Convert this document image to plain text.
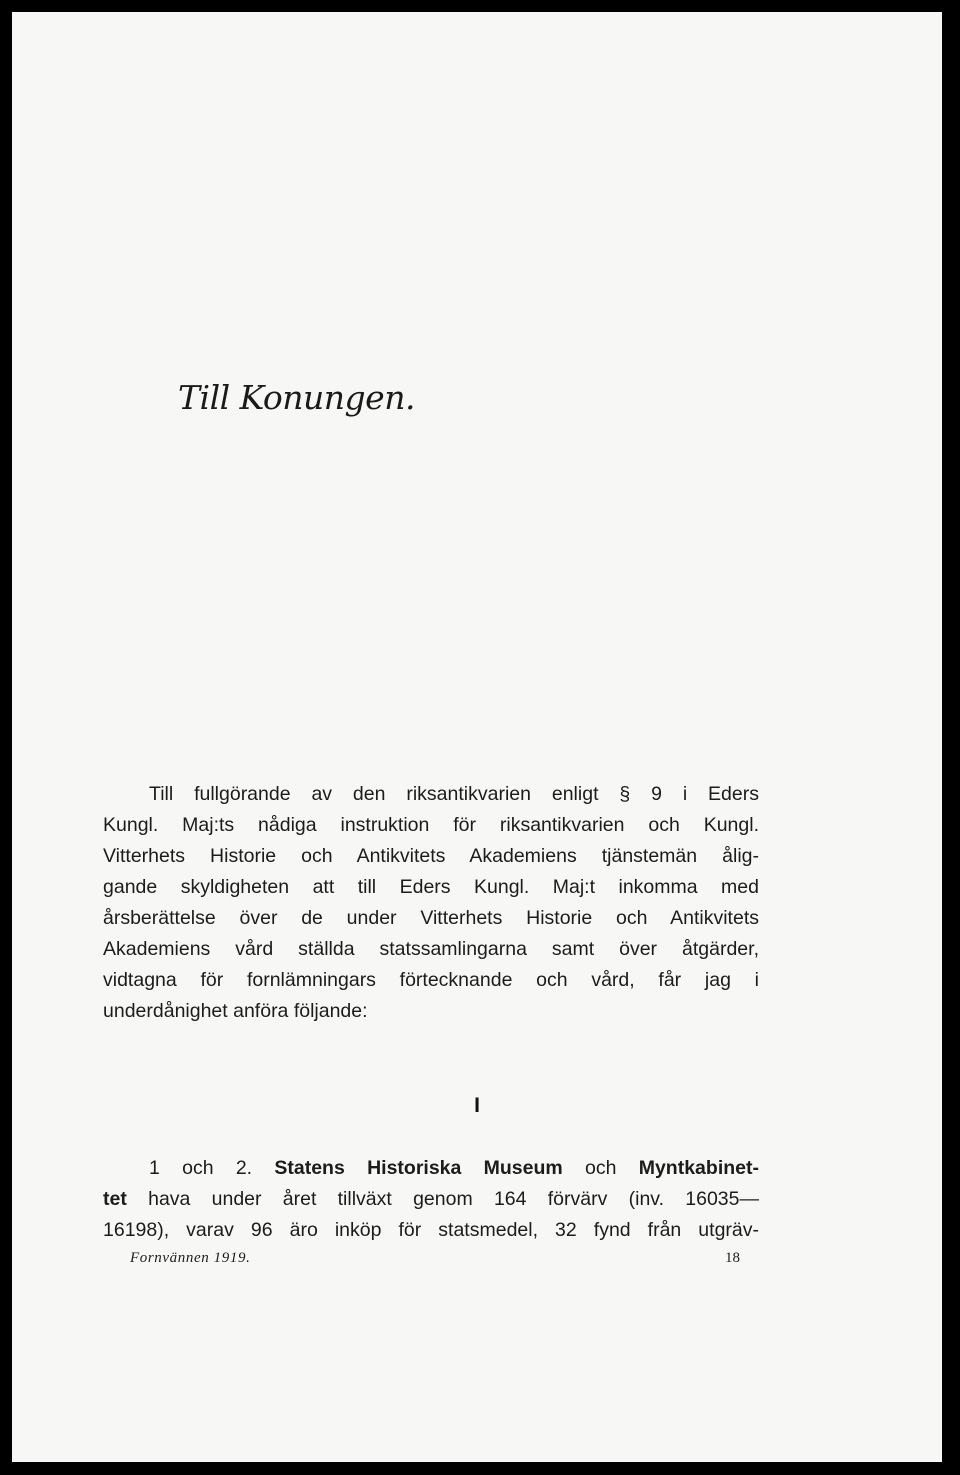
Till Konungen.
Till fullgörande av den riksantikvarien enligt § 9 i Eders
Kungl. Maj:ts nådiga instruktion för riksantikvarien och Kungl.
Vitterhets Historie och Antikvitets Akademiens tjänstemän ålig-
gande skyldigheten att till Eders Kungl. Maj:t inkomma med
årsberättelse över de under Vitterhets Historie och Antikvitets
Akademiens vård ställda statssamlingarna samt över åtgärder,
vidtagna för fornlämningars förtecknande och vård, får jag i
underdånighet anföra följande:

I

1 och 2. Statens Historiska Museum och Myntkabinet-
tet hava under året tillväxt genom 164 förvärv (inv. 16035—
16198), varav 96 äro inköp för statsmedel, 32 fynd från utgräv-
Fornvännen 1919.	18
